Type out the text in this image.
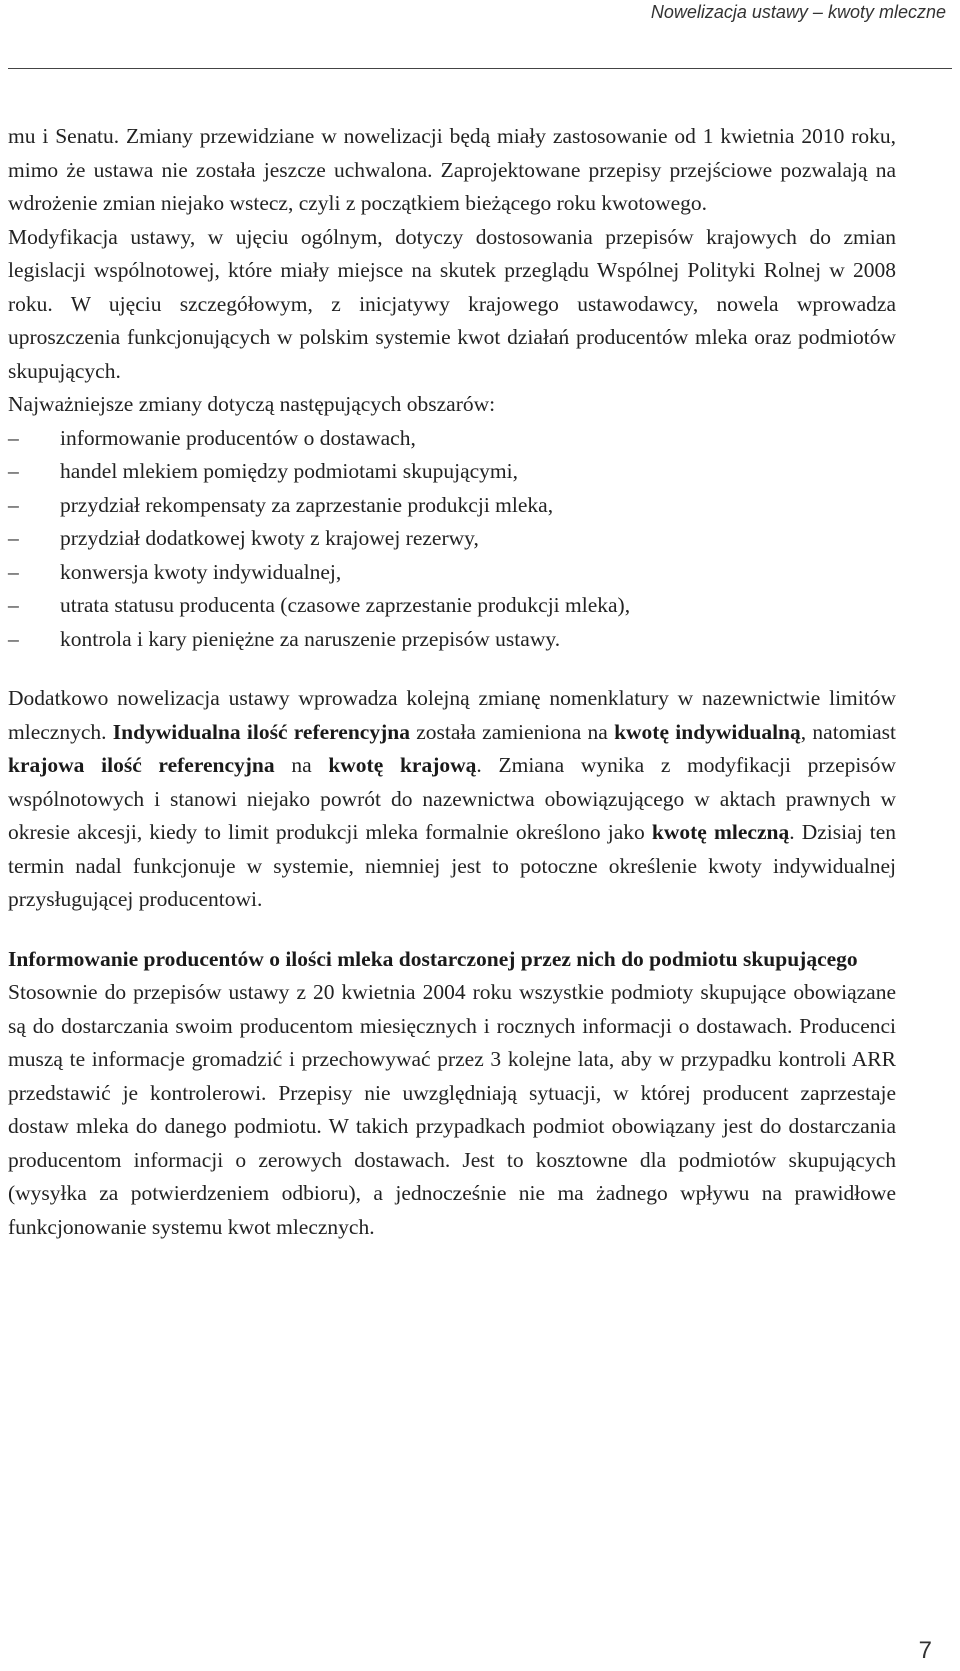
Nowelizacja ustawy – kwoty mleczne

mu i Senatu. Zmiany przewidziane w nowelizacji będą miały zastosowanie od 1 kwietnia 2010 roku, mimo że ustawa nie została jeszcze uchwalona. Zaprojektowane przepisy przejściowe pozwalają na wdrożenie zmian niejako wstecz, czyli z początkiem bieżącego roku kwotowego.

Modyfikacja ustawy, w ujęciu ogólnym, dotyczy dostosowania przepisów krajowych do zmian legislacji wspólnotowej, które miały miejsce na skutek przeglądu Wspólnej Polityki Rolnej w 2008 roku. W ujęciu szczegółowym, z inicjatywy krajowego ustawodawcy, nowela wprowadza uproszczenia funkcjonujących w polskim systemie kwot działań producentów mleka oraz podmiotów skupujących.

Najważniejsze zmiany dotyczą następujących obszarów:

– informowanie producentów o dostawach,
– handel mlekiem pomiędzy podmiotami skupującymi,
– przydział rekompensaty za zaprzestanie produkcji mleka,
– przydział dodatkowej kwoty z krajowej rezerwy,
– konwersja kwoty indywidualnej,
– utrata statusu producenta (czasowe zaprzestanie produkcji mleka),
– kontrola i kary pieniężne za naruszenie przepisów ustawy.

Dodatkowo nowelizacja ustawy wprowadza kolejną zmianę nomenklatury w nazewnictwie limitów mlecznych. Indywidualna ilość referencyjna została zamieniona na kwotę indywidualną, natomiast krajowa ilość referencyjna na kwotę krajową. Zmiana wynika z modyfikacji przepisów wspólnotowych i stanowi niejako powrót do nazewnictwa obowiązującego w aktach prawnych w okresie akcesji, kiedy to limit produkcji mleka formalnie określono jako kwotę mleczną. Dzisiaj ten termin nadal funkcjonuje w systemie, niemniej jest to potoczne określenie kwoty indywidualnej przysługującej producentowi.

Informowanie producentów o ilości mleka dostarczonej przez nich do podmiotu skupującego

Stosownie do przepisów ustawy z 20 kwietnia 2004 roku wszystkie podmioty skupujące obowiązane są do dostarczania swoim producentom miesięcznych i rocznych informacji o dostawach. Producenci muszą te informacje gromadzić i przechowywać przez 3 kolejne lata, aby w przypadku kontroli ARR przedstawić je kontrolerowi. Przepisy nie uwzględniają sytuacji, w której producent zaprzestaje dostaw mleka do danego podmiotu. W takich przypadkach podmiot obowiązany jest do dostarczania producentom informacji o zerowych dostawach. Jest to kosztowne dla podmiotów skupujących (wysyłka za potwierdzeniem odbioru), a jednocześnie nie ma żadnego wpływu na prawidłowe funkcjonowanie systemu kwot mlecznych.

7
